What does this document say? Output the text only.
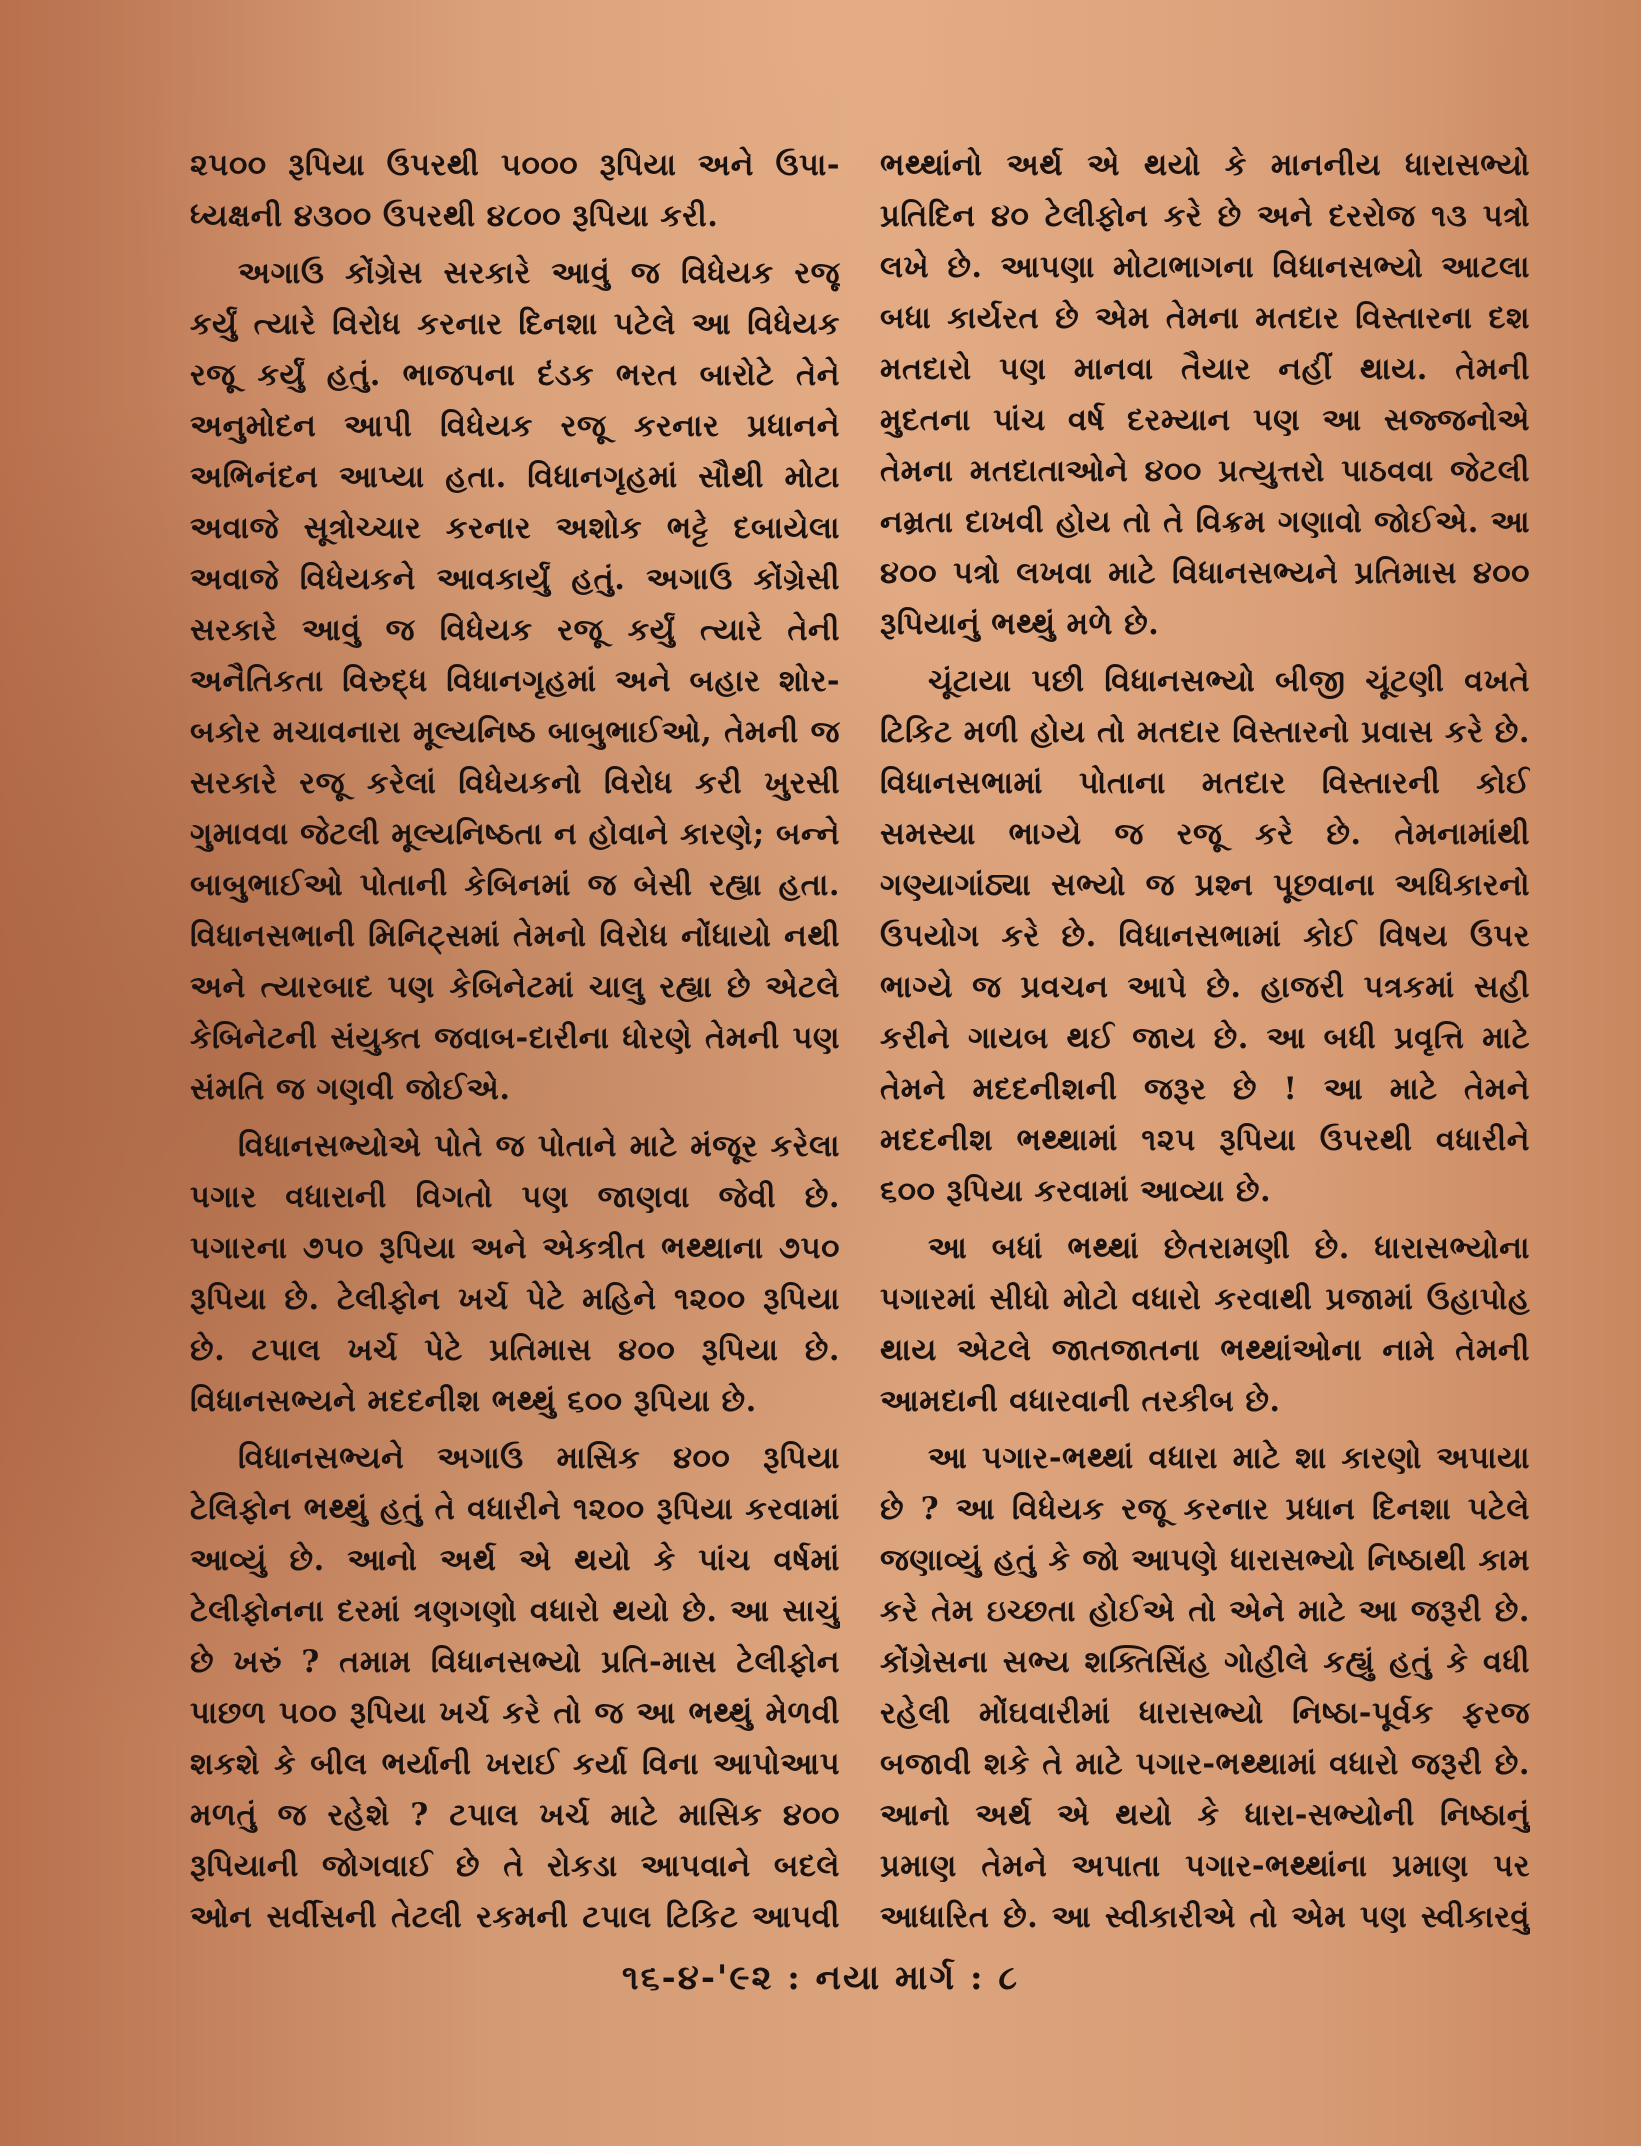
૨૫૦૦ રૂપિયા ઉપરથી ૫૦૦૦ રૂપિયા અને ઉપા-ધ્યક્ષની ૪૩૦૦ ઉપરથી ૪૮૦૦ રૂપિયા કરી.

અગાઉ કોંગ્રેસ સરકારે આવું જ વિધેયક રજૂ કર્યું ત્યારે વિરોધ કરનાર દિનશા પટેલે આ વિધેયક રજૂ કર્યું હતું. ભાજપના દંડક ભરત બારોટે તેને અનુમોદન આપી વિધેયક રજૂ કરનાર પ્રધાનને અભિનંદન આપ્યા હતા. વિધાનગૃહમાં સૌથી મોટા અવાજે સૂત્રોચ્ચાર કરનાર અશોક ભટ્ટે દબાયેલા અવાજે વિધેયકને આવકાર્યું હતું. અગાઉ કોંગ્રેસી સરકારે આવું જ વિધેયક રજૂ કર્યું ત્યારે તેની અનૈતિકતા વિરુદ્ધ વિધાનગૃહમાં અને બહાર શોર-બકોર મચાવનારા મૂલ્યનિષ્ઠ બાબુભાઈઓ, તેમની જ સરકારે રજૂ કરેલાં વિધેયકનો વિરોધ કરી ખુરસી ગુમાવવા જેટલી મૂલ્યનિષ્ઠતા ન હોવાને કારણે; બન્ને બાબુભાઈઓ પોતાની કેબિનમાં જ બેસી રહ્યા હતા. વિધાનસભાની મિનિટ્સમાં તેમનો વિરોધ નોંધાયો નથી અને ત્યારબાદ પણ કેબિનેટમાં ચાલુ રહ્યા છે એટલે કેબિનેટની સંયુક્ત જવાબ-દારીના ધોરણે તેમની પણ સંમતિ જ ગણવી જોઈએ.

વિધાનસભ્યોએ પોતે જ પોતાને માટે મંજૂર કરેલા પગાર વધારાની વિગતો પણ જાણવા જેવી છે. પગારના ૭૫૦ રૂપિયા અને એકત્રીત ભથ્થાના ૭૫૦ રૂપિયા છે. ટેલીફોન ખર્ચ પેટે મહિને ૧૨૦૦ રૂપિયા છે. ટપાલ ખર્ચ પેટે પ્રતિમાસ ૪૦૦ રૂપિયા છે. વિધાનસભ્યને મદદનીશ ભથ્થું ૬૦૦ રૂપિયા છે.

વિધાનસભ્યને અગાઉ માસિક ૪૦૦ રૂપિયા ટેલિફોન ભથ્થું હતું તે વધારીને ૧૨૦૦ રૂપિયા કરવામાં આવ્યું છે. આનો અર્થ એ થયો કે પાંચ વર્ષમાં ટેલીફોનના દરમાં ત્રણગણો વધારો થયો છે. આ સાચું છે ખરું ? તમામ વિધાનસભ્યો પ્રતિ-માસ ટેલીફોન પાછળ ૫૦૦ રૂપિયા ખર્ચ કરે તો જ આ ભથ્થું મેળવી શકશે કે બીલ ભર્યાની ખરાઈ કર્યા વિના આપોઆપ મળતું જ રહેશે ? ટપાલ ખર્ચ માટે માસિક ૪૦૦ રૂપિયાની જોગવાઈ છે તે રોકડા આપવાને બદલે ઓન સર્વીસની તેટલી રકમની ટપાલ ટિકિટ આપવી

ભથ્થાંનો અર્થ એ થયો કે માનનીય ધારાસભ્યો પ્રતિદિન ૪૦ ટેલીફોન કરે છે અને દરરોજ ૧૩ પત્રો લખે છે. આપણા મોટાભાગના વિધાનસભ્યો આટલા બધા કાર્યરત છે એમ તેમના મતદાર વિસ્તારના દશ મતદારો પણ માનવા તૈયાર નહીં થાય. તેમની મુદતના પાંચ વર્ષ દરમ્યાન પણ આ સજ્જનોએ તેમના મતદાતાઓને ૪૦૦ પ્રત્યુત્તરો પાઠવવા જેટલી નમ્રતા દાખવી હોય તો તે વિક્રમ ગણાવો જોઈએ. આ ૪૦૦ પત્રો લખવા માટે વિધાનસભ્યને પ્રતિમાસ ૪૦૦ રૂપિયાનું ભથ્થું મળે છે.

ચૂંટાયા પછી વિધાનસભ્યો બીજી ચૂંટણી વખતે ટિકિટ મળી હોય તો મતદાર વિસ્તારનો પ્રવાસ કરે છે. વિધાનસભામાં પોતાના મતદાર વિસ્તારની કોઈ સમસ્યા ભાગ્યે જ રજૂ કરે છે. તેમનામાંથી ગણ્યાગાંઠ્યા સભ્યો જ પ્રશ્ન પૂછવાના અધિકારનો ઉપયોગ કરે છે. વિધાનસભામાં કોઈ વિષય ઉપર ભાગ્યે જ પ્રવચન આપે છે. હાજરી પત્રકમાં સહી કરીને ગાયબ થઈ જાય છે. આ બધી પ્રવૃત્તિ માટે તેમને મદદનીશની જરૂર છે ! આ માટે તેમને મદદનીશ ભથ્થામાં ૧૨૫ રૂપિયા ઉપરથી વધારીને ૬૦૦ રૂપિયા કરવામાં આવ્યા છે.

આ બધાં ભથ્થાં છેતરામણી છે. ધારાસભ્યોના પગારમાં સીધો મોટો વધારો કરવાથી પ્રજામાં ઉહાપોહ થાય એટલે જાતજાતના ભથ્થાંઓના નામે તેમની આમદાની વધારવાની તરકીબ છે.

આ પગાર-ભથ્થાં વધારા માટે શા કારણો અપાયા છે ? આ વિધેયક રજૂ કરનાર પ્રધાન દિનશા પટેલે જણાવ્યું હતું કે જો આપણે ધારાસભ્યો નિષ્ઠાથી કામ કરે તેમ ઇચ્છતા હોઈએ તો એને માટે આ જરૂરી છે. કોંગ્રેસના સભ્ય શક્તિસિંહ ગોહીલે કહ્યું હતું કે વધી રહેલી મોંઘવારીમાં ધારાસભ્યો નિષ્ઠા-પૂર્વક ફરજ બજાવી શકે તે માટે પગાર-ભથ્થામાં વધારો જરૂરી છે. આનો અર્થ એ થયો કે ધારા-સભ્યોની નિષ્ઠાનું પ્રમાણ તેમને અપાતા પગાર-ભથ્થાંના પ્રમાણ પર આધારિત છે. આ સ્વીકારીએ તો એમ પણ સ્વીકારવું

૧૬-૪-'૯૨ : નયા માર્ગ : ૮
